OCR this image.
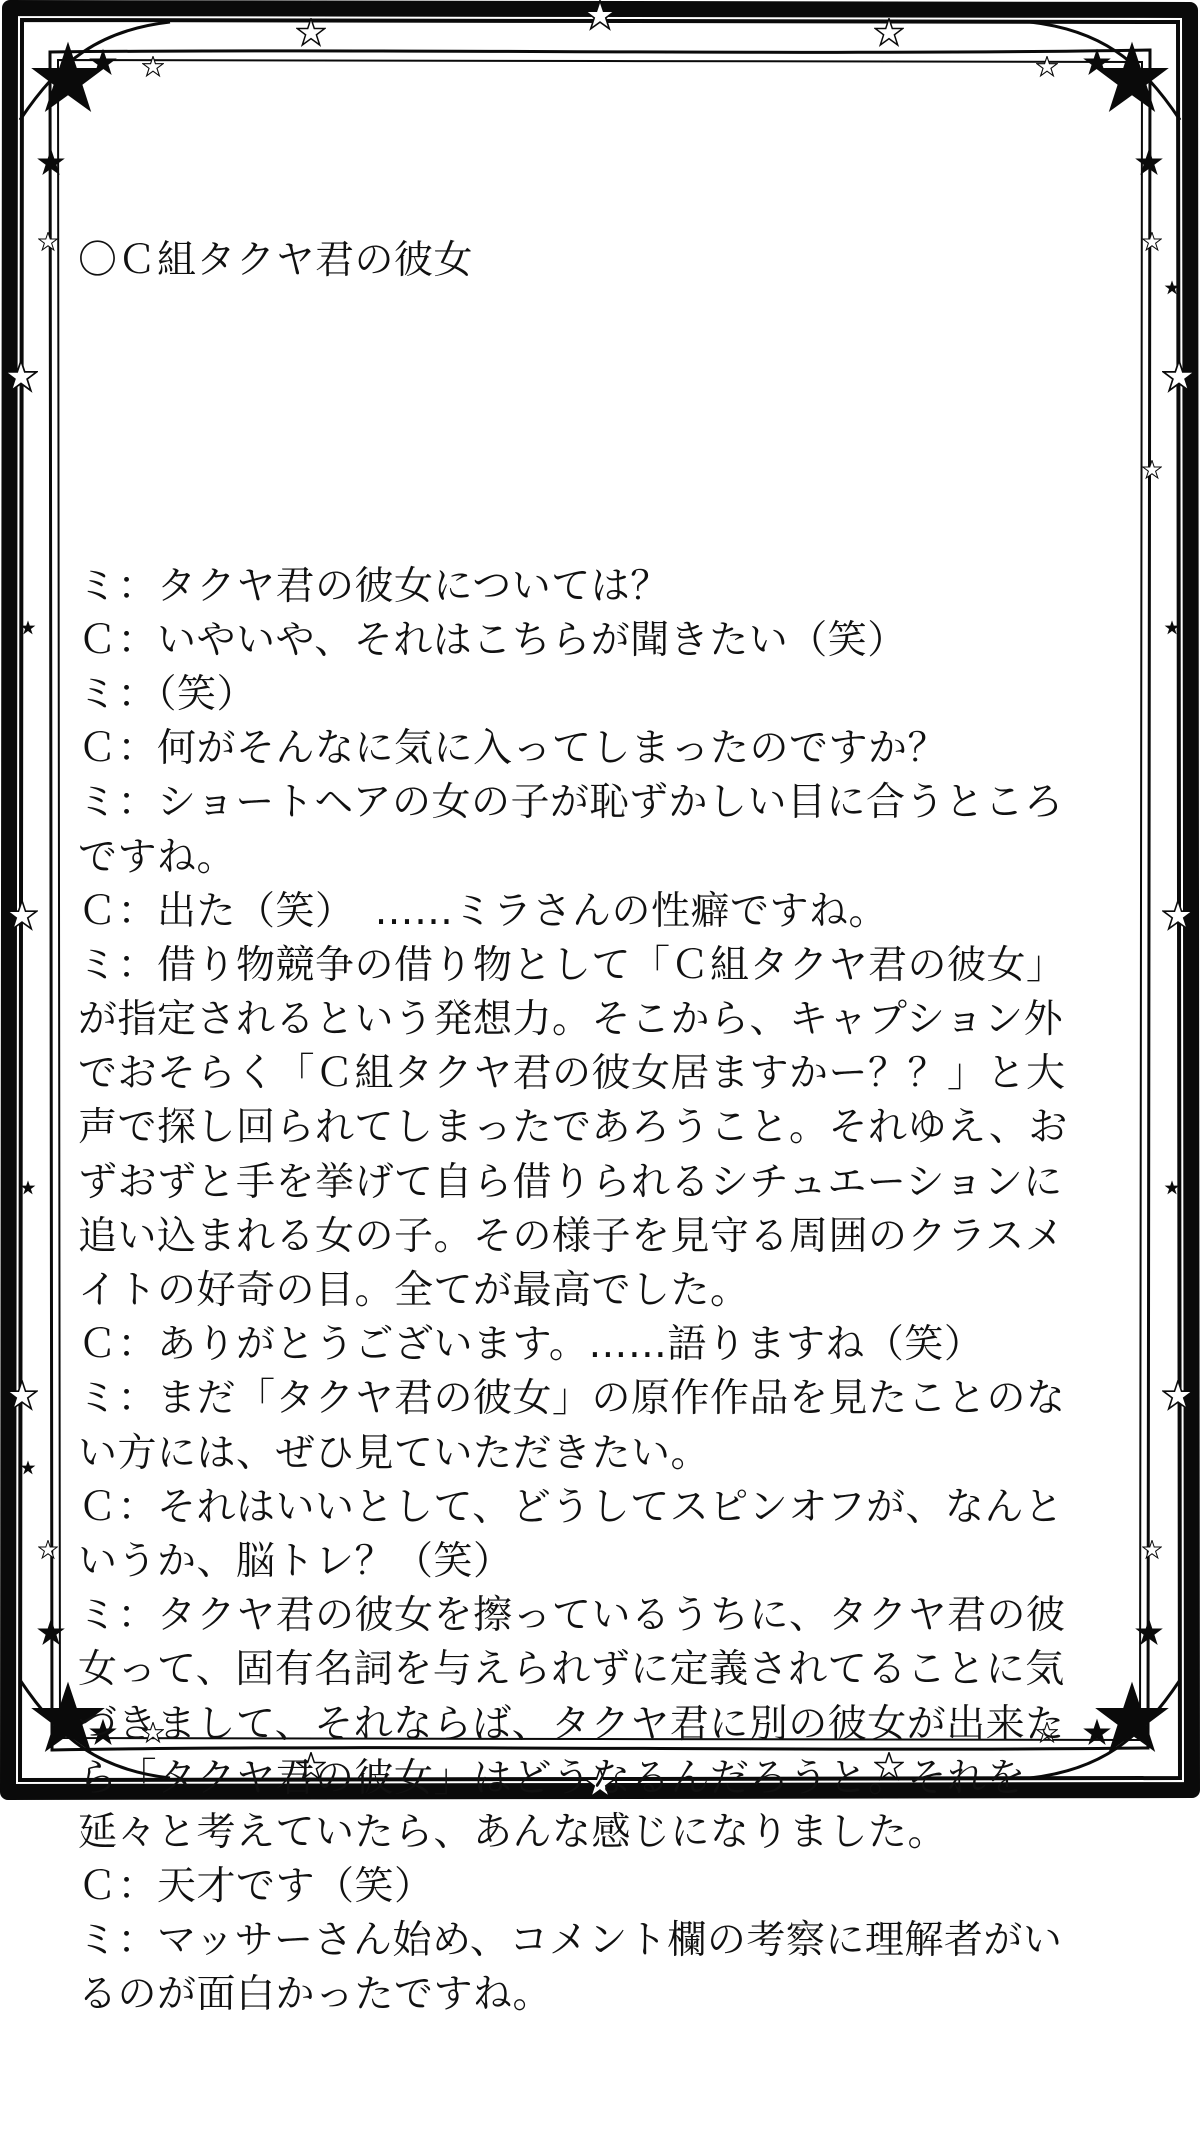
〇Ｃ組タクヤ君の彼女

ミ：タクヤ君の彼女については？
Ｃ：いやいや、それはこちらが聞きたい（笑）
ミ：（笑）
Ｃ：何がそんなに気に入ってしまったのですか？
ミ：ショートヘアの女の子が恥ずかしい目に合うところ
ですね。
Ｃ：出た（笑）　……ミラさんの性癖ですね。
ミ：借り物競争の借り物として「Ｃ組タクヤ君の彼女」
が指定されるという発想力。そこから、キャプション外
でおそらく「Ｃ組タクヤ君の彼女居ますかー？？」と大
声で探し回られてしまったであろうこと。それゆえ、お
ずおずと手を挙げて自ら借りられるシチュエーションに
追い込まれる女の子。その様子を見守る周囲のクラスメ
イトの好奇の目。全てが最高でした。
Ｃ：ありがとうございます。……語りますね（笑）
ミ：まだ「タクヤ君の彼女」の原作作品を見たことのな
い方には、ぜひ見ていただきたい。
Ｃ：それはいいとして、どうしてスピンオフが、なんと
いうか、脳トレ？（笑）
ミ：タクヤ君の彼女を擦っているうちに、タクヤ君の彼
女って、固有名詞を与えられずに定義されてることに気
づきまして、それならば、タクヤ君に別の彼女が出来た
ら「タクヤ君の彼女」はどうなるんだろうと。それを
延々と考えていたら、あんな感じになりました。
Ｃ：天才です（笑）
ミ：マッサーさん始め、コメント欄の考察に理解者がい
るのが面白かったですね。
